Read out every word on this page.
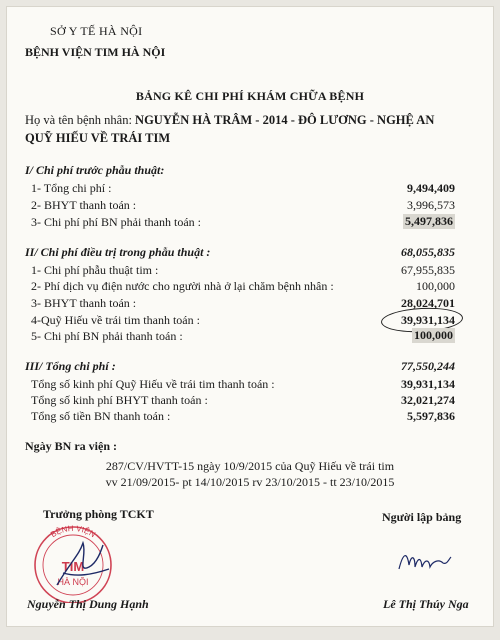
SỞ Y TẾ HÀ NỘI
BỆNH VIỆN TIM HÀ NỘI
BẢNG KÊ CHI PHÍ KHÁM CHỮA BỆNH
Họ và tên bệnh nhân: NGUYỄN HÀ TRÂM - 2014 - ĐÔ LƯƠNG - NGHỆ AN
QUỸ HIẾU VỀ TRÁI TIM
I/ Chi phí trước phẫu thuật:
1- Tổng chi phí :	9,494,409
2- BHYT thanh toán :	3,996,573
3- Chi phí phí BN phải thanh toán :	5,497,836
II/ Chi phí điều trị trong phẫu thuật :	68,055,835
1- Chi phí phẫu thuật tim :	67,955,835
2- Phí dịch vụ điện nước cho người nhà ở lại chăm bệnh nhân :	100,000
3- BHYT thanh toán :	28,024,701
4-Quỹ Hiếu về trái tim thanh toán :	39,931,134
5- Chi phí BN phải thanh toán :	100,000
III/ Tổng chi phí :	77,550,244
Tổng số kinh phí Quỹ Hiếu về trái tim thanh toán :	39,931,134
Tổng số kinh phí BHYT thanh toán :	32,021,274
Tổng số tiền BN thanh toán :	5,597,836
Ngày BN ra viện :
287/CV/HVTT-15 ngày 10/9/2015 của Quỹ Hiếu về trái tim
vv 21/09/2015- pt 14/10/2015 rv 23/10/2015 - tt 23/10/2015
Trưởng phòng TCKT	Người lập bảng
BỆNH VIỆN
TIM
HÀ NỘI
Nguyễn Thị Dung Hạnh	Lê Thị Thúy Nga
